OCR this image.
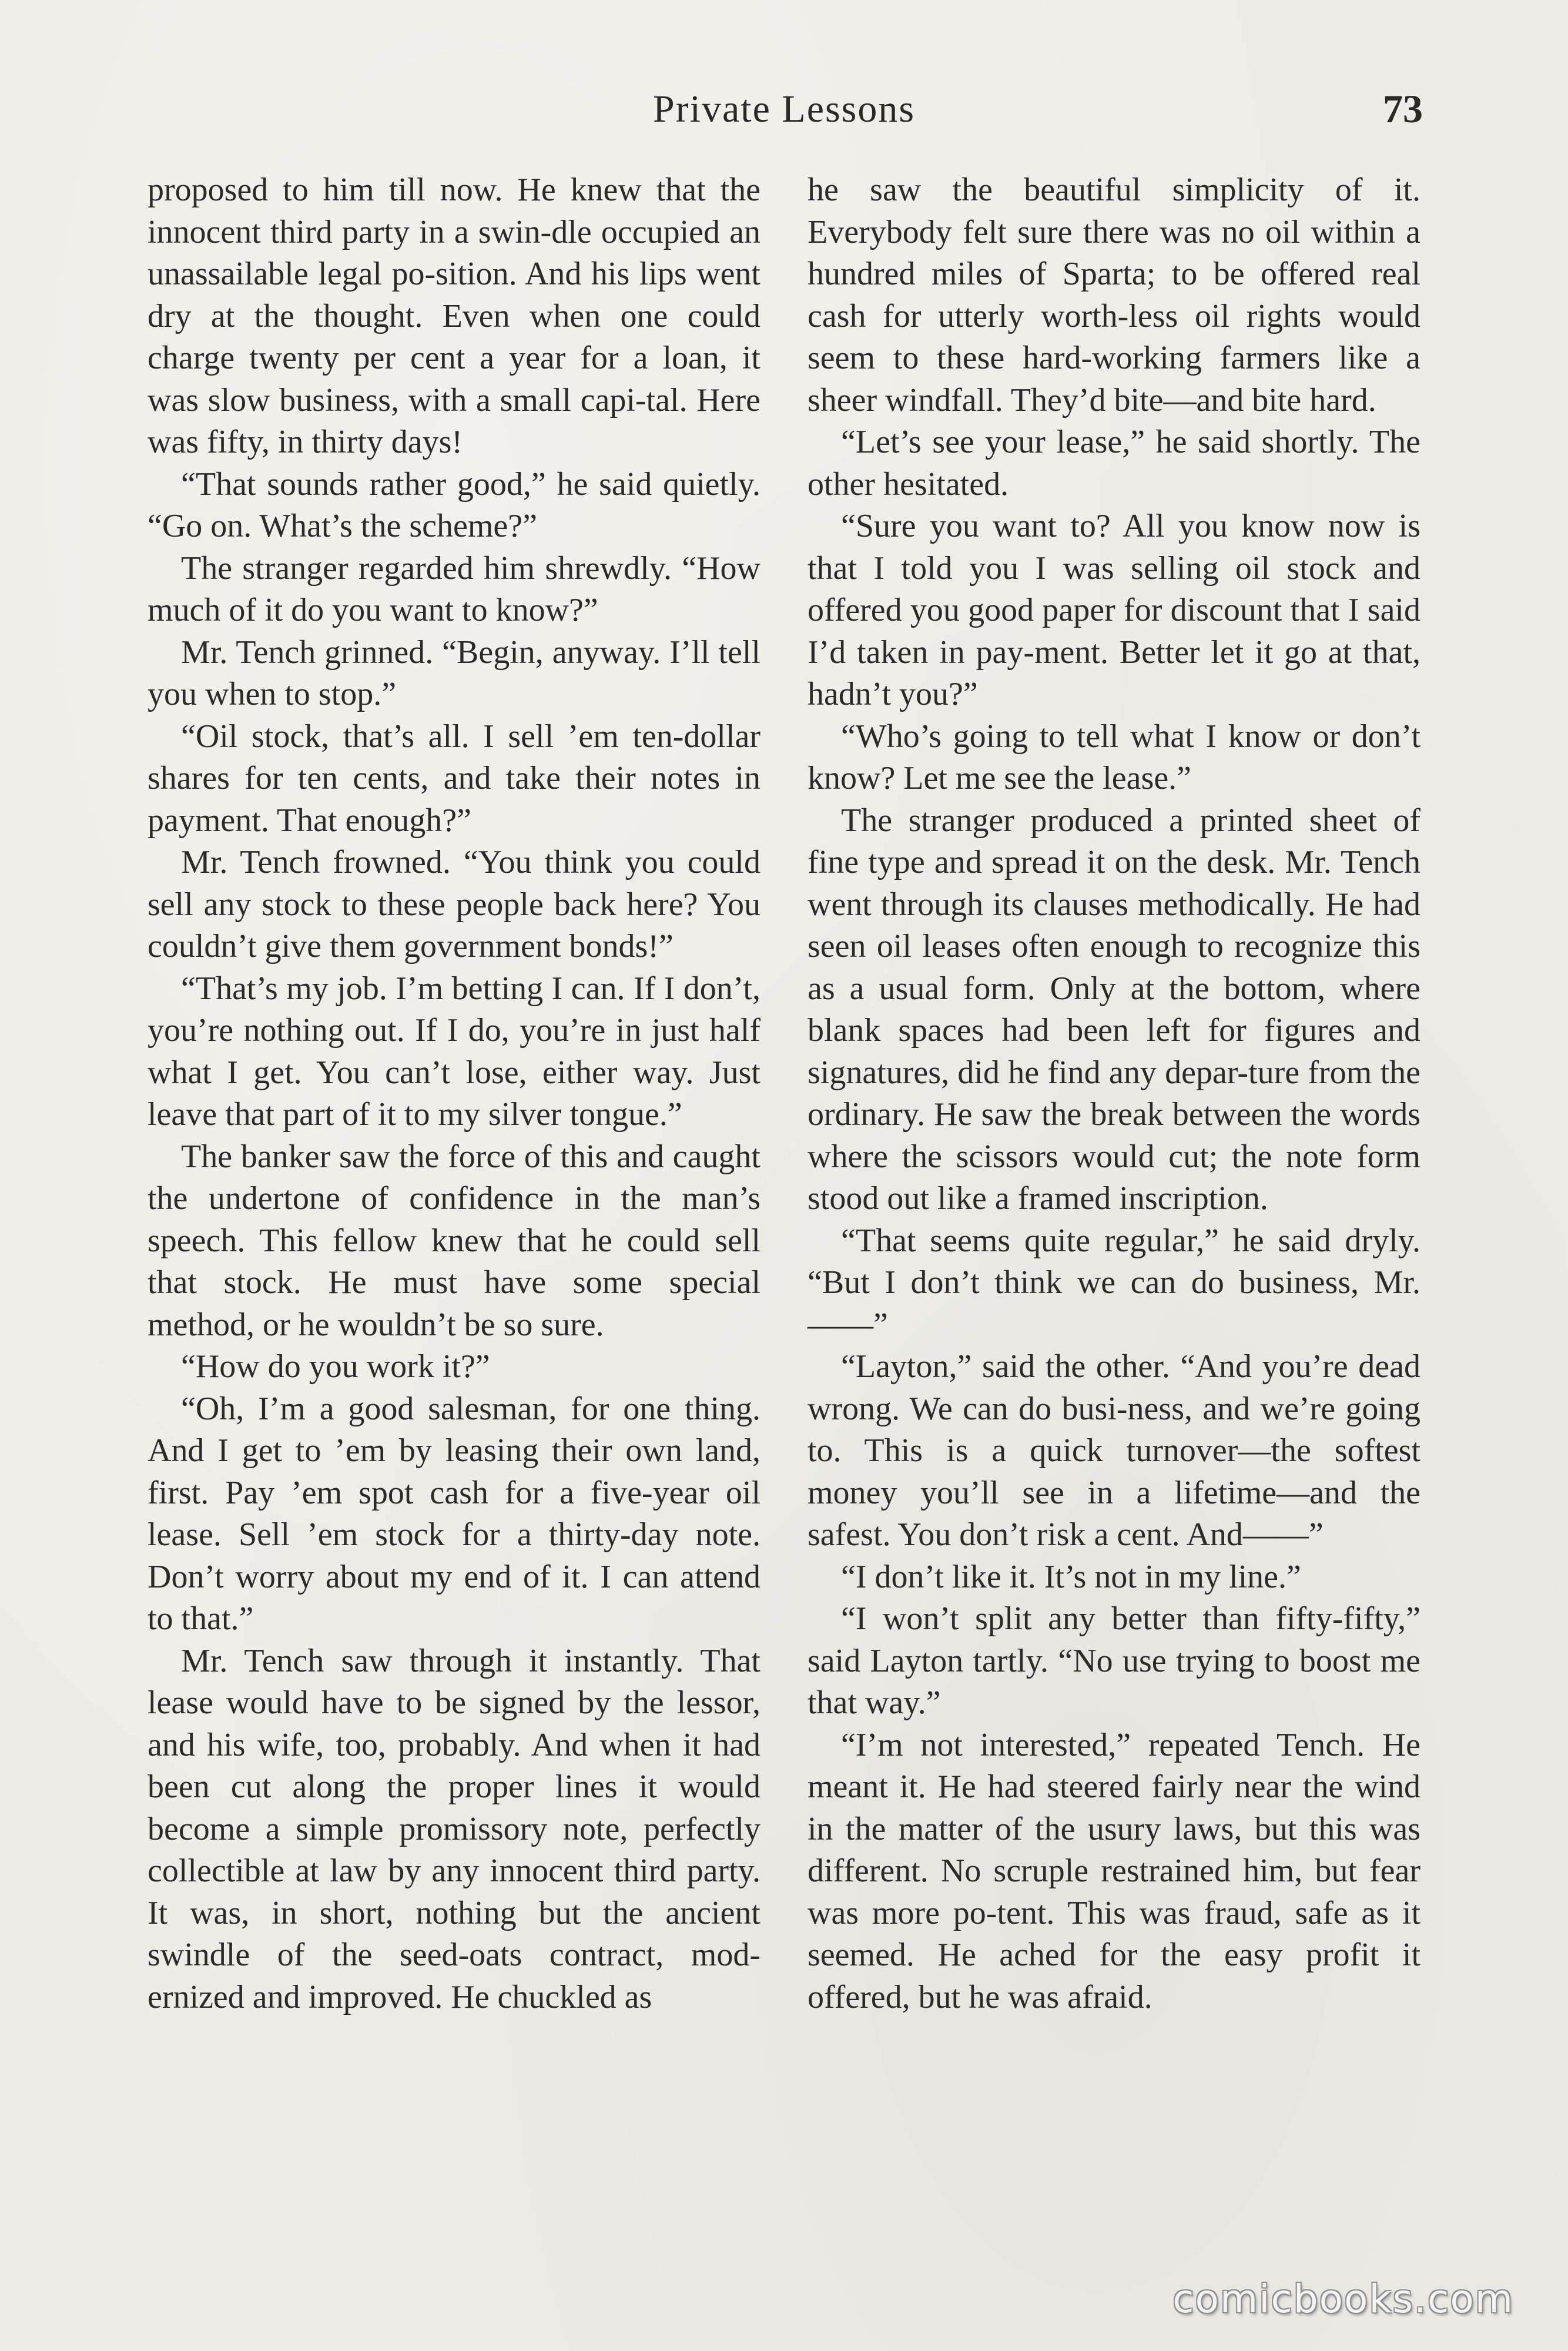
Private Lessons	73

proposed to him till now. He knew that the innocent third party in a swin-dle occupied an unassailable legal po-sition. And his lips went dry at the thought. Even when one could charge twenty per cent a year for a loan, it was slow business, with a small capi-tal. Here was fifty, in thirty days!

“That sounds rather good,” he said quietly. “Go on. What’s the scheme?”

The stranger regarded him shrewdly. “How much of it do you want to know?”

Mr. Tench grinned. “Begin, anyway. I’ll tell you when to stop.”

“Oil stock, that’s all. I sell ’em ten-dollar shares for ten cents, and take their notes in payment. That enough?”

Mr. Tench frowned. “You think you could sell any stock to these people back here? You couldn’t give them government bonds!”

“That’s my job. I’m betting I can. If I don’t, you’re nothing out. If I do, you’re in just half what I get. You can’t lose, either way. Just leave that part of it to my silver tongue.”

The banker saw the force of this and caught the undertone of confidence in the man’s speech. This fellow knew that he could sell that stock. He must have some special method, or he wouldn’t be so sure.

“How do you work it?”

“Oh, I’m a good salesman, for one thing. And I get to ’em by leasing their own land, first. Pay ’em spot cash for a five-year oil lease. Sell ’em stock for a thirty-day note. Don’t worry about my end of it. I can attend to that.”

Mr. Tench saw through it instantly. That lease would have to be signed by the lessor, and his wife, too, probably. And when it had been cut along the proper lines it would become a simple promissory note, perfectly collectible at law by any innocent third party. It was, in short, nothing but the ancient swindle of the seed-oats contract, mod-ernized and improved. He chuckled as

he saw the beautiful simplicity of it. Everybody felt sure there was no oil within a hundred miles of Sparta; to be offered real cash for utterly worth-less oil rights would seem to these hard-working farmers like a sheer windfall. They’d bite—and bite hard.

“Let’s see your lease,” he said shortly. The other hesitated.

“Sure you want to? All you know now is that I told you I was selling oil stock and offered you good paper for discount that I said I’d taken in pay-ment. Better let it go at that, hadn’t you?”

“Who’s going to tell what I know or don’t know? Let me see the lease.”

The stranger produced a printed sheet of fine type and spread it on the desk. Mr. Tench went through its clauses methodically. He had seen oil leases often enough to recognize this as a usual form. Only at the bottom, where blank spaces had been left for figures and signatures, did he find any depar-ture from the ordinary. He saw the break between the words where the scissors would cut; the note form stood out like a framed inscription.

“That seems quite regular,” he said dryly. “But I don’t think we can do business, Mr.——”

“Layton,” said the other. “And you’re dead wrong. We can do busi-ness, and we’re going to. This is a quick turnover—the softest money you’ll see in a lifetime—and the safest. You don’t risk a cent. And——”

“I don’t like it. It’s not in my line.”

“I won’t split any better than fifty-fifty,” said Layton tartly. “No use trying to boost me that way.”

“I’m not interested,” repeated Tench. He meant it. He had steered fairly near the wind in the matter of the usury laws, but this was different. No scruple restrained him, but fear was more po-tent. This was fraud, safe as it seemed. He ached for the easy profit it offered, but he was afraid.

comicbooks.com
